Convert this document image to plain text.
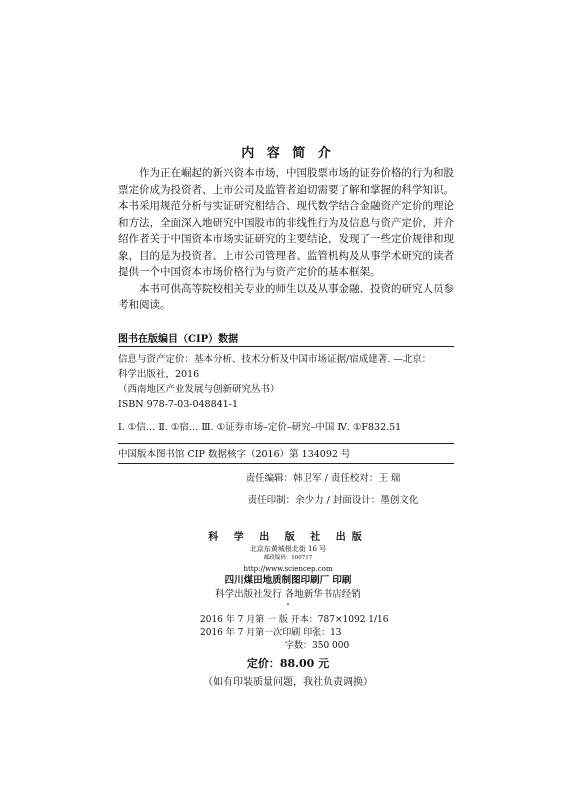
内 容 简 介

作为正在崛起的新兴资本市场，中国股票市场的证券价格的行为和股票定价成为投资者、上市公司及监管者迫切需要了解和掌握的科学知识。本书采用规范分析与实证研究相结合、现代数学结合金融资产定价的理论和方法，全面深入地研究中国股市的非线性行为及信息与资产定价，并介绍作者关于中国资本市场实证研究的主要结论，发现了一些定价规律和现象，目的是为投资者、上市公司管理者、监管机构及从事学术研究的读者提供一个中国资本市场价格行为与资产定价的基本框架。

本书可供高等院校相关专业的师生以及从事金融、投资的研究人员参考和阅读。

图书在版编目（CIP）数据
信息与资产定价：基本分析、技术分析及中国市场证据/宿成建著. —北京：
科学出版社，2016
（西南地区产业发展与创新研究丛书）
ISBN 978-7-03-048841-1
Ⅰ. ①信… Ⅱ. ①宿… Ⅲ. ①证券市场–定价–研究–中国 Ⅳ. ①F832.51
中国版本图书馆 CIP 数据核字（2016）第 134092 号
责任编辑：韩卫军 / 责任校对：王 瑞
责任印制：余少力 / 封面设计：墨创文化
科 学 出 版 社 出版
北京东黄城根北街 16 号
邮政编码：100717
http://www.sciencep.com
四川煤田地质制图印刷厂 印刷
科学出版社发行 各地新华书店经销
*
2016 年 7 月第 一 版 开本：787×1092 1/16
2016 年 7 月第一次印刷 印张：13
字数：350 000
定价：88.00 元
（如有印装质量问题，我社负责调换）
